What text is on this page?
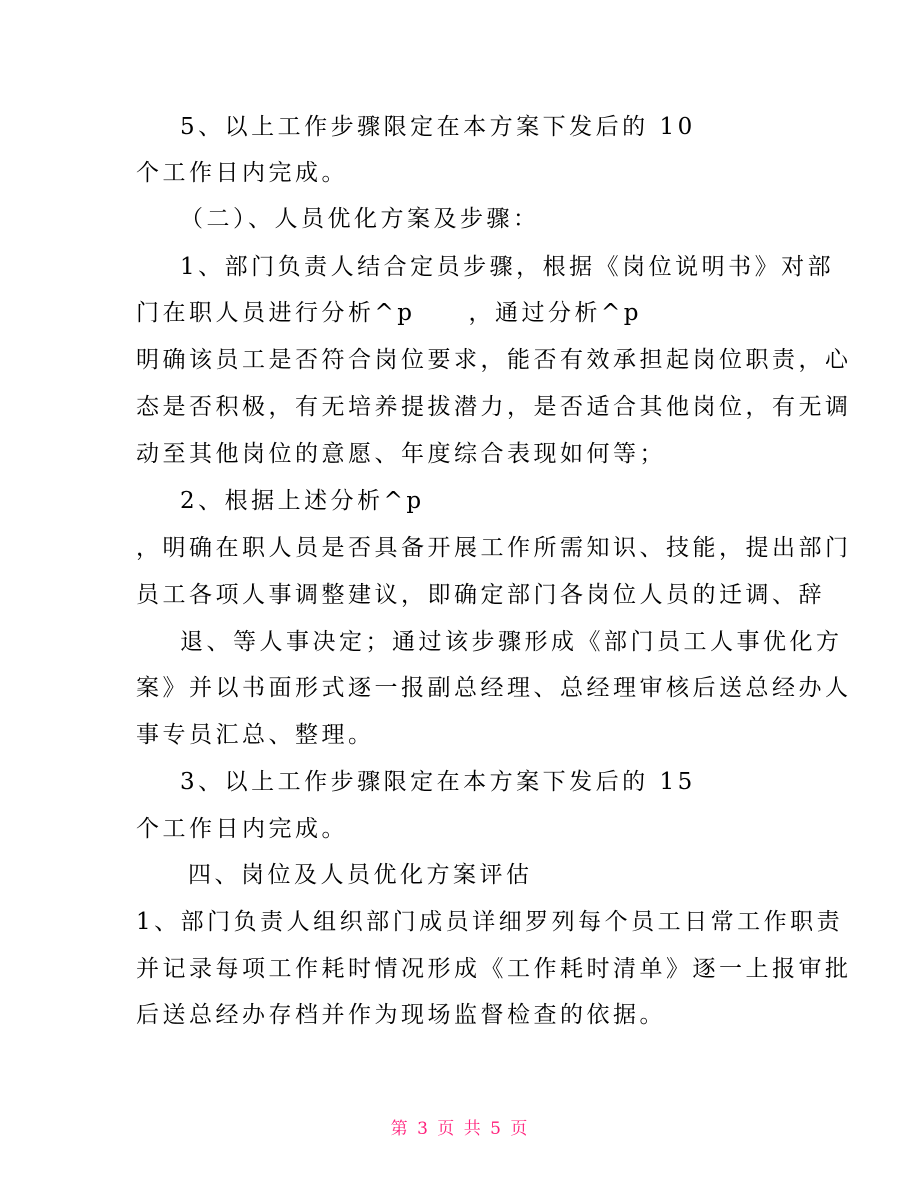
5、以上工作步骤限定在本方案下发后的 10
个工作日内完成。
（二）、人员优化方案及步骤：
1、部门负责人结合定员步骤，根据《岗位说明书》对部
门在职人员进行分析^p　　，通过分析^p
明确该员工是否符合岗位要求，能否有效承担起岗位职责，心
态是否积极，有无培养提拔潜力，是否适合其他岗位，有无调
动至其他岗位的意愿、年度综合表现如何等；
2、根据上述分析^p
，明确在职人员是否具备开展工作所需知识、技能，提出部门
员工各项人事调整建议，即确定部门各岗位人员的迁调、辞
退、等人事决定；通过该步骤形成《部门员工人事优化方
案》并以书面形式逐一报副总经理、总经理审核后送总经办人
事专员汇总、整理。
3、以上工作步骤限定在本方案下发后的 15
个工作日内完成。
四、岗位及人员优化方案评估
1、部门负责人组织部门成员详细罗列每个员工日常工作职责
并记录每项工作耗时情况形成《工作耗时清单》逐一上报审批
后送总经办存档并作为现场监督检查的依据。
第 3 页 共 5 页
